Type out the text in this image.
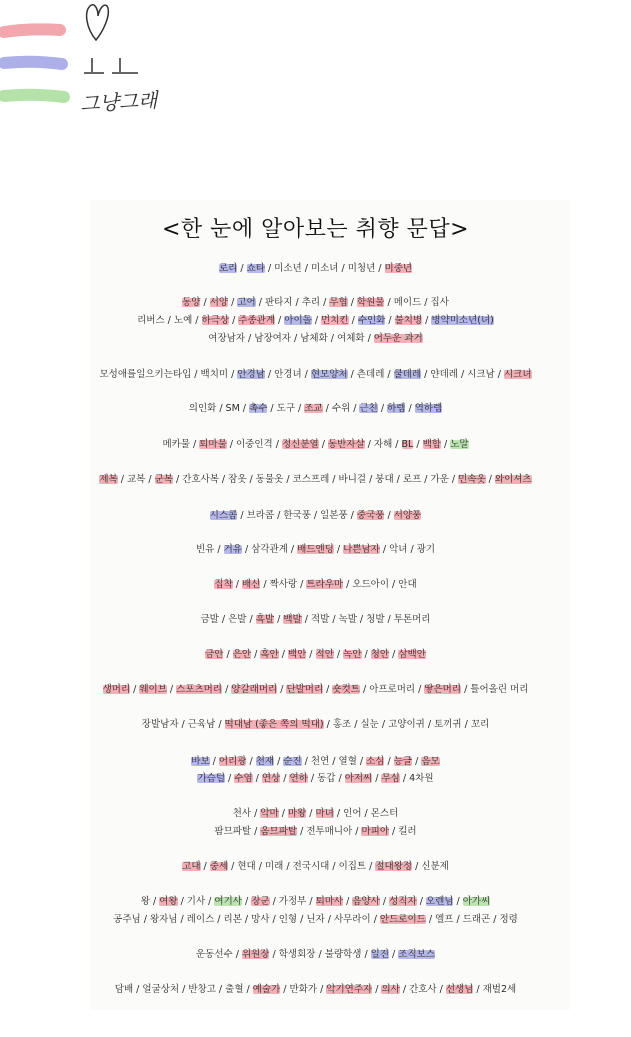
그냥그래
<한 눈에 알아보는 취향 문답>
로리 / 쇼타 / 미소년 / 미소녀 / 미청년 / 미중년
동양 / 서양 / 고어 / 판타지 / 추리 / 무협 / 학원물 / 메이드 / 집사
리버스 / 노예 / 하극상 / 주종관계 / 아이돌 / 먼치킨 / 수인화 / 불치병 / 병약미소년(녀)
여장남자 / 남장여자 / 남체화 / 여체화 / 어두운 과거
모성애를일으키는타입 / 백치미 / 안경남 / 안경녀 / 현모양처 / 츤데레 / 쿨데레 / 얀데레 / 시크남 / 시크녀
의인화 / SM / 촉수 / 도구 / 조교 / 수위 / 근친 / 하렘 / 역하렘
메카물 / 퇴마물 / 이중인격 / 정신분열 / 동반자살 / 자해 / BL / 백합 / 노말
제복 / 교복 / 군복 / 간호사복 / 잠옷 / 동물옷 / 코스프레 / 바니걸 / 붕대 / 로프 / 가운 / 민속옷 / 와이셔츠
시스콤 / 브라콤 / 한국풍 / 일본풍 / 중국풍 / 서양풍
빈유 / 거유 / 삼각관계 / 배드엔딩 / 나쁜남자 / 악녀 / 광기
집착 / 배신 / 짝사랑 / 트라우마 / 오드아이 / 안대
금발 / 은발 / 흑발 / 백발 / 적발 / 녹발 / 청발 / 투톤머리
금안 / 은안 / 흑안 / 백안 / 적안 / 녹안 / 청안 / 삼백안
생머리 / 웨이브 / 스포츠머리 / 양갈래머리 / 단발머리 / 숏컷트 / 아프로머리 / 땋은머리 / 틀어올린 머리
장발남자 / 근육남 / 떡대남 (좋은 쪽의 떡대) / 홍조 / 실눈 / 고양이귀 / 토끼귀 / 꼬리
바보 / 어리광 / 천재 / 순진 / 천연 / 열혈 / 소심 / 능글 / 음모
가슴털 / 수염 / 연상 / 연하 / 동갑 / 아저씨 / 무심 / 4차원
천사 / 악마 / 마왕 / 마녀 / 인어 / 몬스터
팜므파탈 / 옴므파탈 / 전투매니아 / 마피아 / 킬러
고대 / 중세 / 현대 / 미래 / 전국시대 / 이집트 / 절대왕정 / 신분제
왕 / 여왕 / 기사 / 여기사 / 장군 / 가정부 / 퇴마사 / 음양사 / 성직자 / 오렌님 / 아가씨
공주님 / 왕자님 / 레이스 / 리본 / 망사 / 인형 / 닌자 / 사무라이 / 안드로이드 / 엘프 / 드래곤 / 정령
운동선수 / 위원장 / 학생회장 / 불량학생 / 일진 / 조직보스
담배 / 얼굴상처 / 반창고 / 출혈 / 예술가 / 만화가 / 악기연주자 / 의사 / 간호사 / 선생님 / 재벌2세
